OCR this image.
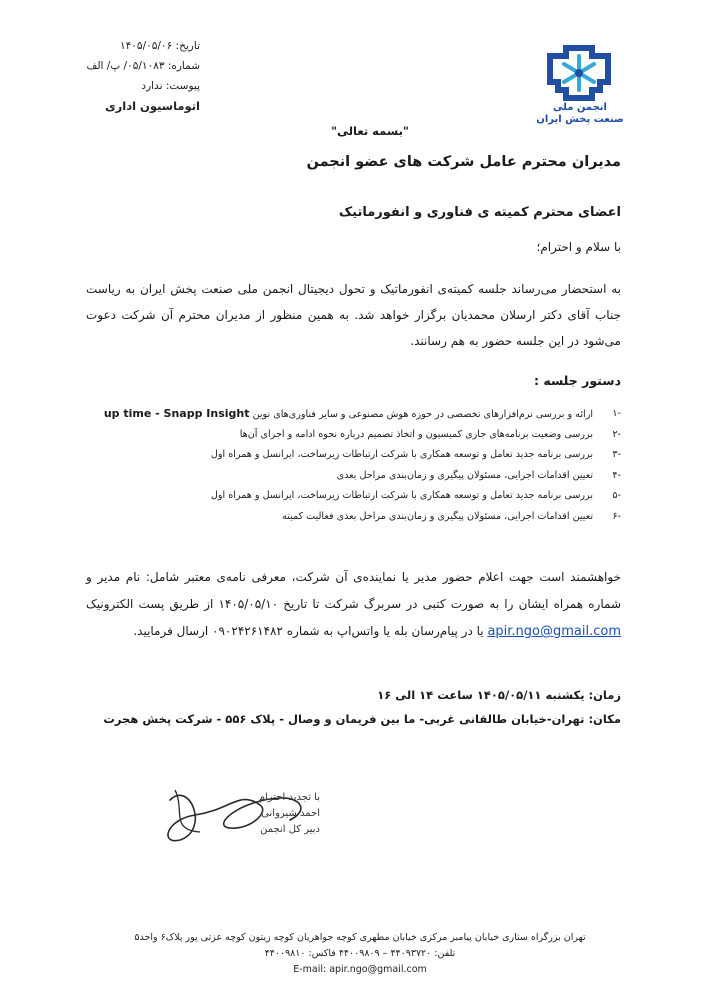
تاریخ: ۱۴۰۵/۰۵/۰۶
شماره: ۰۵/۱۰۸۳/ پ/ الف
پیوست: ندارد
اتوماسیون اداری	انجمن ملی
صنعت پخش ایران
"بسمه تعالی"
مدیران محترم عامل شرکت های عضو انجمن
اعضای محترم کمیته ی فناوری و انفورماتیک
با سلام و احترام؛
به استحضار می‌رساند جلسه کمیته‌ی انفورماتیک و تحول دیجیتال انجمن ملی صنعت پخش ایران به ریاست جناب آقای دکتر ارسلان محمدیان برگزار خواهد شد. به همین منظور از مدیران محترم آن شرکت دعوت می‌شود در این جلسه حضور به هم رسانند.
دستور جلسه :
-۱
ارائه و بررسی نرم‌افزارهای تخصصی در حوزه هوش مصنوعی و سایر فناوری‌های نوین up time - Snapp Insight
-۲
بررسی وضعیت برنامه‌های جاری کمیسیون و اتخاذ تصمیم درباره نحوه ادامه و اجرای آن‌ها
-۳
بررسی برنامه جدید تعامل و توسعه همکاری با شرکت ارتباطات زیرساخت، ایرانسل و همراه اول
-۴
تعیین اقدامات اجرایی، مسئولان پیگیری و زمان‌بندی مراحل بعدی
-۵
بررسی برنامه جدید تعامل و توسعه همکاری با شرکت ارتباطات زیرساخت، ایرانسل و همراه اول
-۶
تعیین اقدامات اجرایی، مسئولان پیگیری و زمان‌بندی مراحل بعدی فعالیت کمیته
خواهشمند است جهت اعلام حضور مدیر یا نماینده‌ی آن شرکت، معرفی نامه‌ی معتبر شامل: نام مدیر و شماره همراه ایشان را به صورت کتبی در سربرگ شرکت تا تاریخ ۱۴۰۵/۰۵/۱۰ از طریق پست الکترونیک apir.ngo@gmail.com یا در پیام‌رسان بله یا واتس‌اپ به شماره ۰۹۰۲۴۲۶۱۴۸۲ ارسال فرمایید.
زمان: یکشنبه ۱۴۰۵/۰۵/۱۱ ساعت ۱۴ الی ۱۶
مکان: تهران-خیابان طالقانی غربی- ما بین فریمان و وصال - پلاک ۵۵۶ - شرکت پخش هجرت
با تجدید احترام
احمد شیروانی
دبیر کل انجمن
تهران بزرگراه ستاری خیابان پیامبر مرکزی خیابان مطهری کوچه جواهریان کوچه زیتون کوچه عزتی پور پلاک۶ واحد۵
تلفن: ۴۴۰۹۳۷۲۰ – ۴۴۰۰۹۸۰۹ فاکس: ۴۴۰۰۹۸۱۰
E-mail: apir.ngo@gmail.com
